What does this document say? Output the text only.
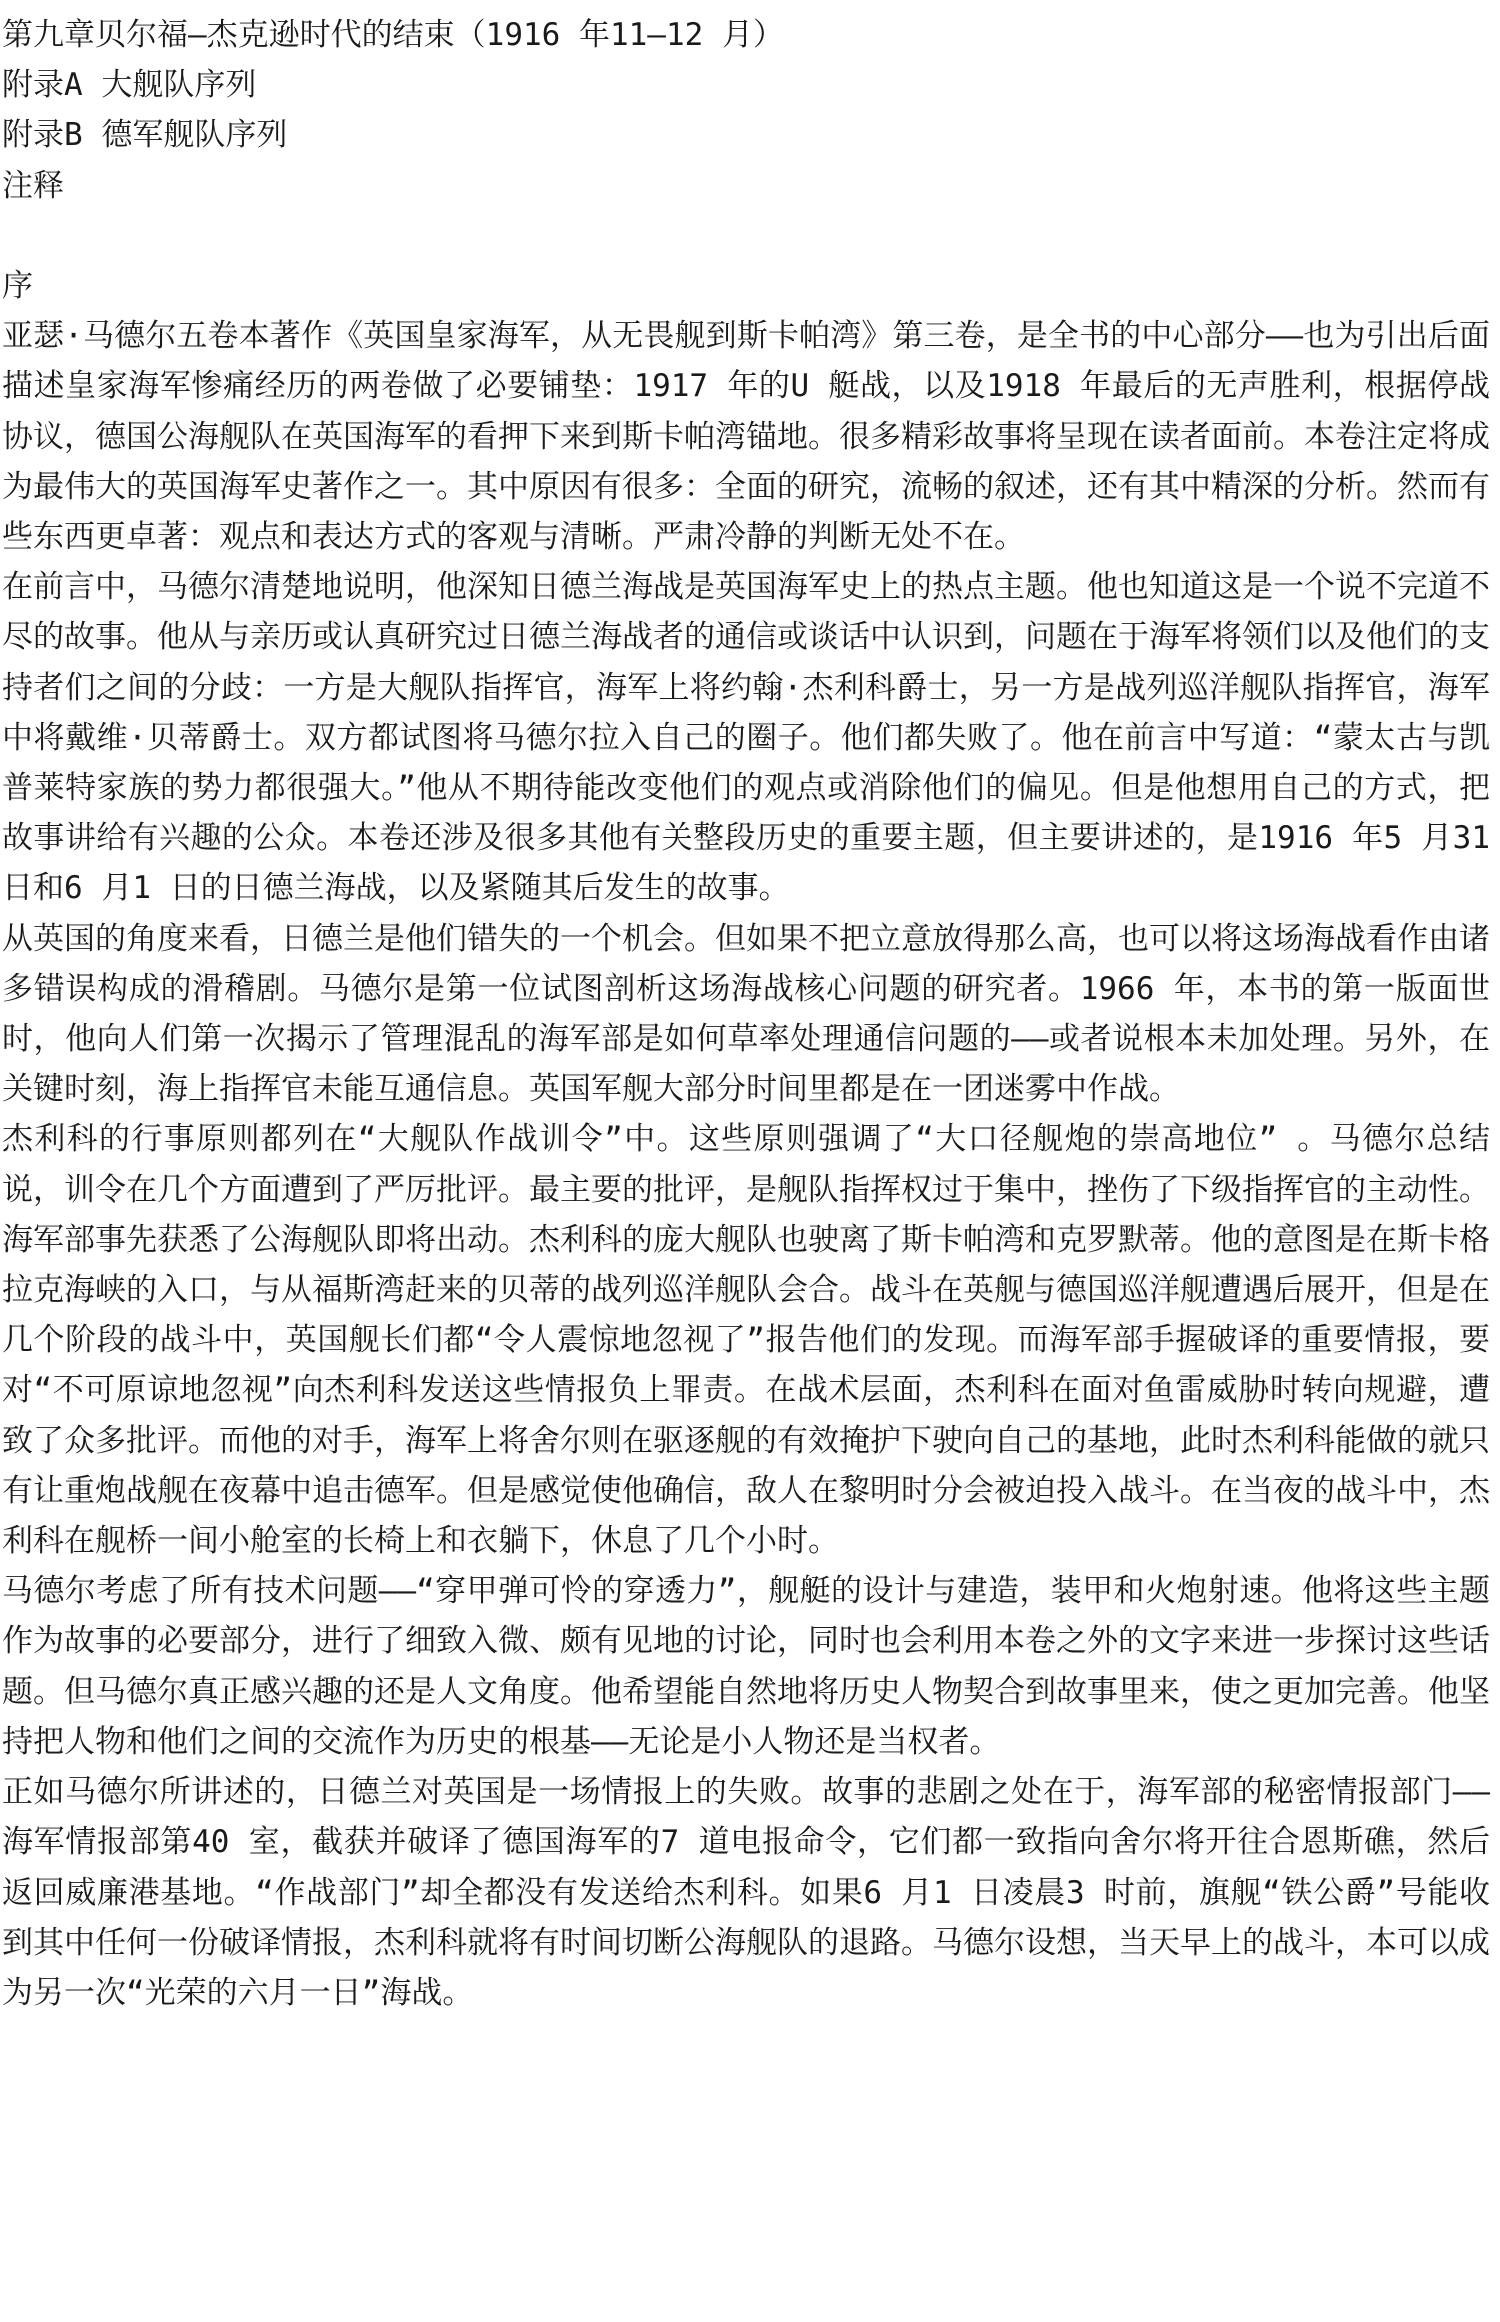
第九章贝尔福—杰克逊时代的结束（1916 年11—12 月）

附录A 大舰队序列

附录B 德军舰队序列

注释

序

亚瑟·马德尔五卷本著作《英国皇家海军，从无畏舰到斯卡帕湾》第三卷，是全书的中心部分——也为引出后面描述皇家海军惨痛经历的两卷做了必要铺垫：1917 年的U 艇战，以及1918 年最后的无声胜利，根据停战协议，德国公海舰队在英国海军的看押下来到斯卡帕湾锚地。很多精彩故事将呈现在读者面前。本卷注定将成为最伟大的英国海军史著作之一。其中原因有很多：全面的研究，流畅的叙述，还有其中精深的分析。然而有些东西更卓著：观点和表达方式的客观与清晰。严肃冷静的判断无处不在。

在前言中，马德尔清楚地说明，他深知日德兰海战是英国海军史上的热点主题。他也知道这是一个说不完道不尽的故事。他从与亲历或认真研究过日德兰海战者的通信或谈话中认识到，问题在于海军将领们以及他们的支持者们之间的分歧：一方是大舰队指挥官，海军上将约翰·杰利科爵士，另一方是战列巡洋舰队指挥官，海军中将戴维·贝蒂爵士。双方都试图将马德尔拉入自己的圈子。他们都失败了。他在前言中写道：“蒙太古与凯普莱特家族的势力都很强大。”他从不期待能改变他们的观点或消除他们的偏见。但是他想用自己的方式，把故事讲给有兴趣的公众。本卷还涉及很多其他有关整段历史的重要主题，但主要讲述的，是1916 年5 月31 日和6 月1 日的日德兰海战，以及紧随其后发生的故事。

从英国的角度来看，日德兰是他们错失的一个机会。但如果不把立意放得那么高，也可以将这场海战看作由诸多错误构成的滑稽剧。马德尔是第一位试图剖析这场海战核心问题的研究者。1966 年，本书的第一版面世时，他向人们第一次揭示了管理混乱的海军部是如何草率处理通信问题的——或者说根本未加处理。另外，在关键时刻，海上指挥官未能互通信息。英国军舰大部分时间里都是在一团迷雾中作战。

杰利科的行事原则都列在“大舰队作战训令”中。这些原则强调了“大口径舰炮的崇高地位” 。马德尔总结说，训令在几个方面遭到了严厉批评。最主要的批评，是舰队指挥权过于集中，挫伤了下级指挥官的主动性。

海军部事先获悉了公海舰队即将出动。杰利科的庞大舰队也驶离了斯卡帕湾和克罗默蒂。他的意图是在斯卡格拉克海峡的入口，与从福斯湾赶来的贝蒂的战列巡洋舰队会合。战斗在英舰与德国巡洋舰遭遇后展开，但是在几个阶段的战斗中，英国舰长们都“令人震惊地忽视了”报告他们的发现。而海军部手握破译的重要情报，要对“不可原谅地忽视”向杰利科发送这些情报负上罪责。在战术层面，杰利科在面对鱼雷威胁时转向规避，遭致了众多批评。而他的对手，海军上将舍尔则在驱逐舰的有效掩护下驶向自己的基地，此时杰利科能做的就只有让重炮战舰在夜幕中追击德军。但是感觉使他确信，敌人在黎明时分会被迫投入战斗。在当夜的战斗中，杰利科在舰桥一间小舱室的长椅上和衣躺下，休息了几个小时。

马德尔考虑了所有技术问题——“穿甲弹可怜的穿透力”，舰艇的设计与建造，装甲和火炮射速。他将这些主题作为故事的必要部分，进行了细致入微、颇有见地的讨论，同时也会利用本卷之外的文字来进一步探讨这些话题。但马德尔真正感兴趣的还是人文角度。他希望能自然地将历史人物契合到故事里来，使之更加完善。他坚持把人物和他们之间的交流作为历史的根基——无论是小人物还是当权者。

正如马德尔所讲述的，日德兰对英国是一场情报上的失败。故事的悲剧之处在于，海军部的秘密情报部门——海军情报部第40 室，截获并破译了德国海军的7 道电报命令，它们都一致指向舍尔将开往合恩斯礁，然后返回威廉港基地。“作战部门”却全都没有发送给杰利科。如果6 月1 日凌晨3 时前，旗舰“铁公爵”号能收到其中任何一份破译情报，杰利科就将有时间切断公海舰队的退路。马德尔设想，当天早上的战斗，本可以成为另一次“光荣的六月一日”海战。
